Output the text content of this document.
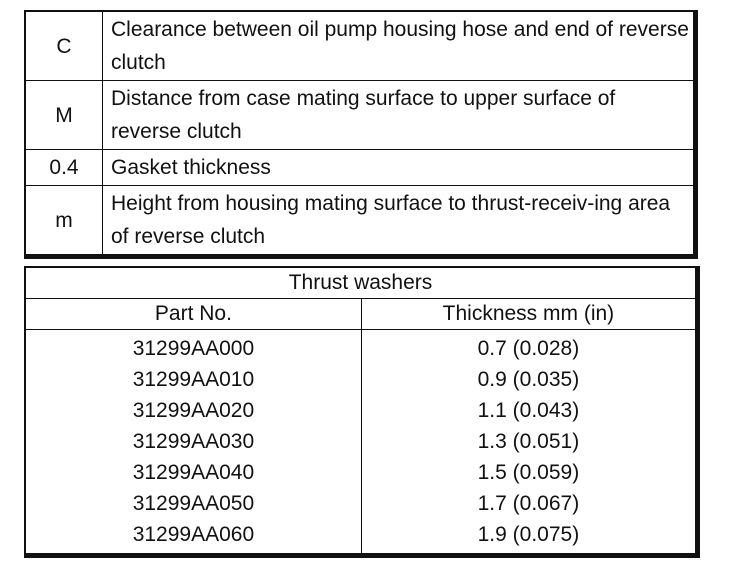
C	Clearance between oil pump housing hose and end of reverse clutch
M	Distance from case mating surface to upper surface of reverse clutch
0.4	Gasket thickness
m	Height from housing mating surface to thrust-receiv-ing area of reverse clutch
Thrust washers	
Part No.	Thickness mm (in)
31299AA000	0.7 (0.028)
31299AA010	0.9 (0.035)
31299AA020	1.1 (0.043)
31299AA030	1.3 (0.051)
31299AA040	1.5 (0.059)
31299AA050	1.7 (0.067)
31299AA060	1.9 (0.075)
